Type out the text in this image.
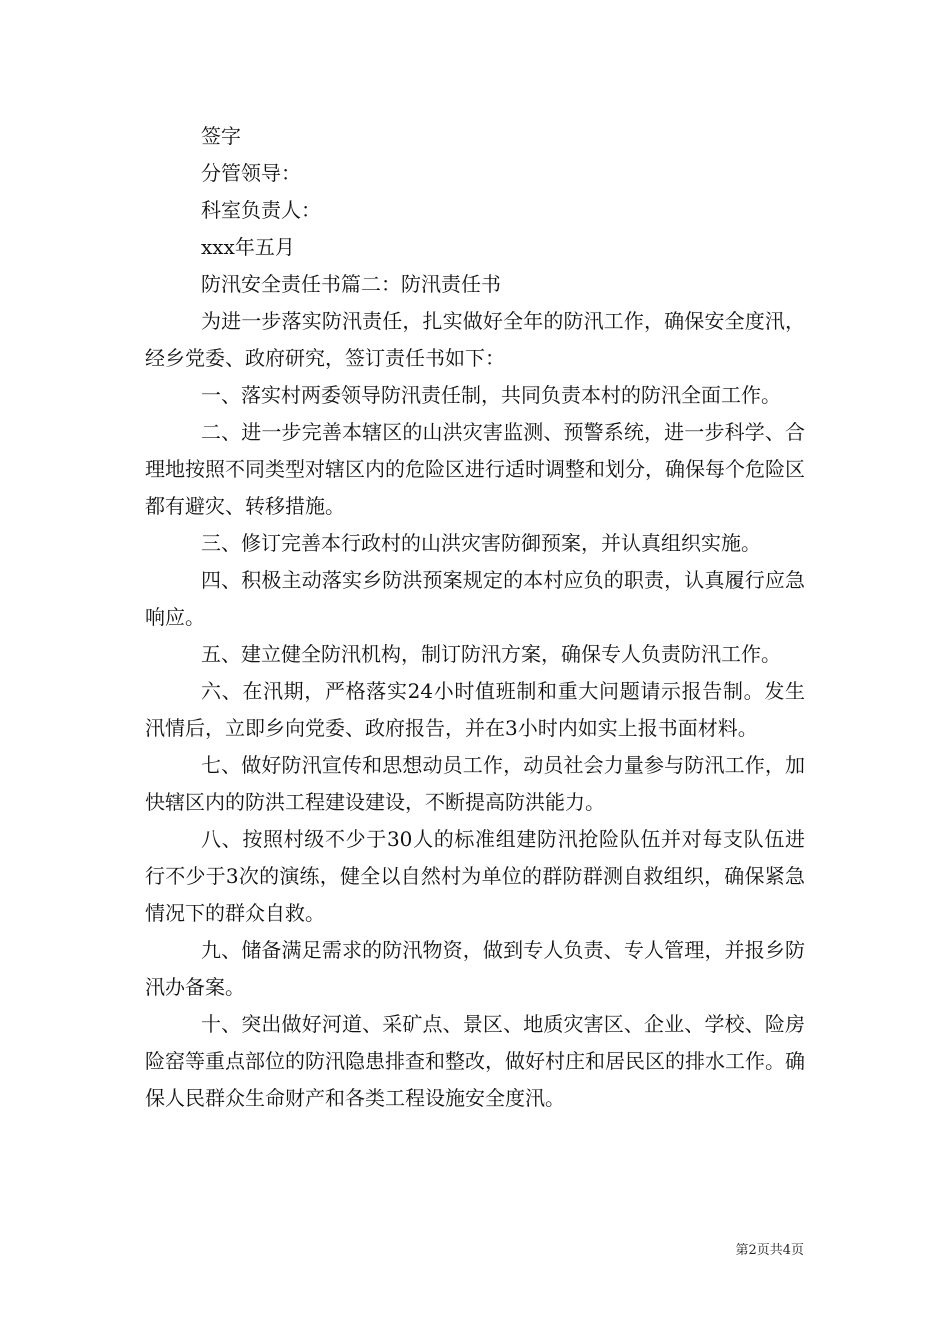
签字

分管领导：

科室负责人：

xxx年五月

防汛安全责任书篇二：防汛责任书

为进一步落实防汛责任，扎实做好全年的防汛工作，确保安全度汛，经乡党委、政府研究，签订责任书如下：

一、落实村两委领导防汛责任制，共同负责本村的防汛全面工作。

二、进一步完善本辖区的山洪灾害监测、预警系统，进一步科学、合理地按照不同类型对辖区内的危险区进行适时调整和划分，确保每个危险区都有避灾、转移措施。

三、修订完善本行政村的山洪灾害防御预案，并认真组织实施。

四、积极主动落实乡防洪预案规定的本村应负的职责，认真履行应急响应。

五、建立健全防汛机构，制订防汛方案，确保专人负责防汛工作。

六、在汛期，严格落实24小时值班制和重大问题请示报告制。发生汛情后，立即乡向党委、政府报告，并在3小时内如实上报书面材料。

七、做好防汛宣传和思想动员工作，动员社会力量参与防汛工作，加快辖区内的防洪工程建设建设，不断提高防洪能力。

八、按照村级不少于30人的标准组建防汛抢险队伍并对每支队伍进行不少于3次的演练，健全以自然村为单位的群防群测自救组织，确保紧急情况下的群众自救。

九、储备满足需求的防汛物资，做到专人负责、专人管理，并报乡防汛办备案。

十、突出做好河道、采矿点、景区、地质灾害区、企业、学校、险房险窑等重点部位的防汛隐患排查和整改，做好村庄和居民区的排水工作。确保人民群众生命财产和各类工程设施安全度汛。

第2页共4页
